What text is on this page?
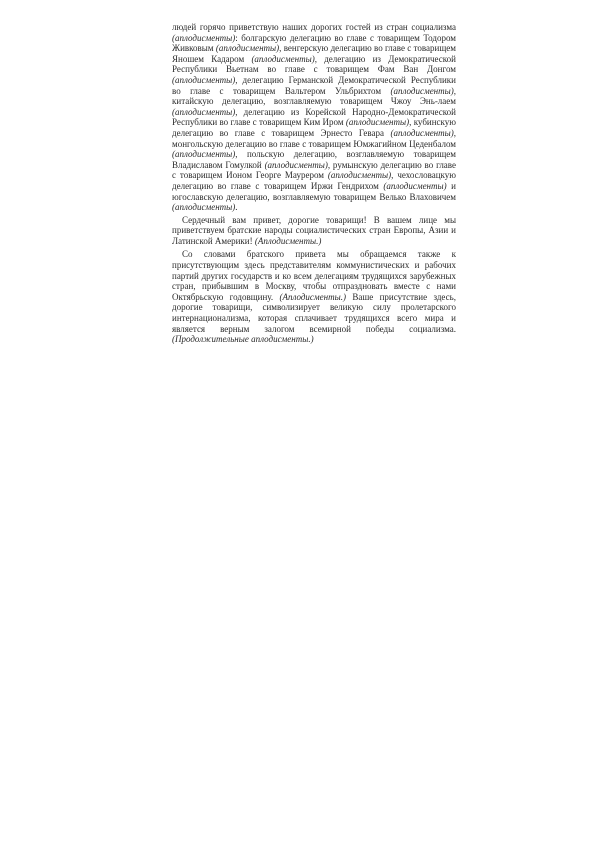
людей горячо приветствую наших дорогих гостей из стран социализма (аплодисменты): болгарскую делегацию во главе с товарищем Тодором Живковым (аплодисменты), венгерскую делегацию во главе с товарищем Яношем Кадаром (аплодисменты), делегацию из Демократической Республики Вьетнам во главе с товарищем Фам Ван Донгом (аплодисменты), делегацию Германской Демократической Республики во главе с товарищем Вальтером Ульбрихтом (аплодисменты), китайскую делегацию, возглавляемую товарищем Чжоу Энь-лаем (аплодисменты), делегацию из Корейской Народно-Демократической Республики во главе с товарищем Ким Иром (аплодисменты), кубинскую делегацию во главе с товарищем Эрнесто Геварa (аплодисменты), монгольскую делегацию во главе с товарищем Юмжагийном Цеденбалом (аплодисменты), польскую делегацию, возглавляемую товарищем Владиславом Гомулкой (аплодисменты), румынскую делегацию во главе с товарищем Ионом Георге Маурером (аплодисменты), чехословацкую делегацию во главе с товарищем Иржи Гендрихом (аплодисменты) и югославскую делегацию, возглавляемую товарищем Велько Влаховичем (аплодисменты).

Сердечный вам привет, дорогие товарищи! В вашем лице мы приветствуем братские народы социалистических стран Европы, Азии и Латинской Америки! (Аплодисменты.)

Со словами братского привета мы обращаемся также к присутствующим здесь представителям коммунистических и рабочих партий других государств и ко всем делегациям трудящихся зарубежных стран, прибывшим в Москву, чтобы отпраздновать вместе с нами Октябрьскую годовщину. (Аплодисменты.) Ваше присутствие здесь, дорогие товарищи, символизирует великую силу пролетарского интернационализма, которая сплачивает трудящихся всего мира и является верным залогом всемирной победы социализма. (Продолжительные аплодисменты.)
